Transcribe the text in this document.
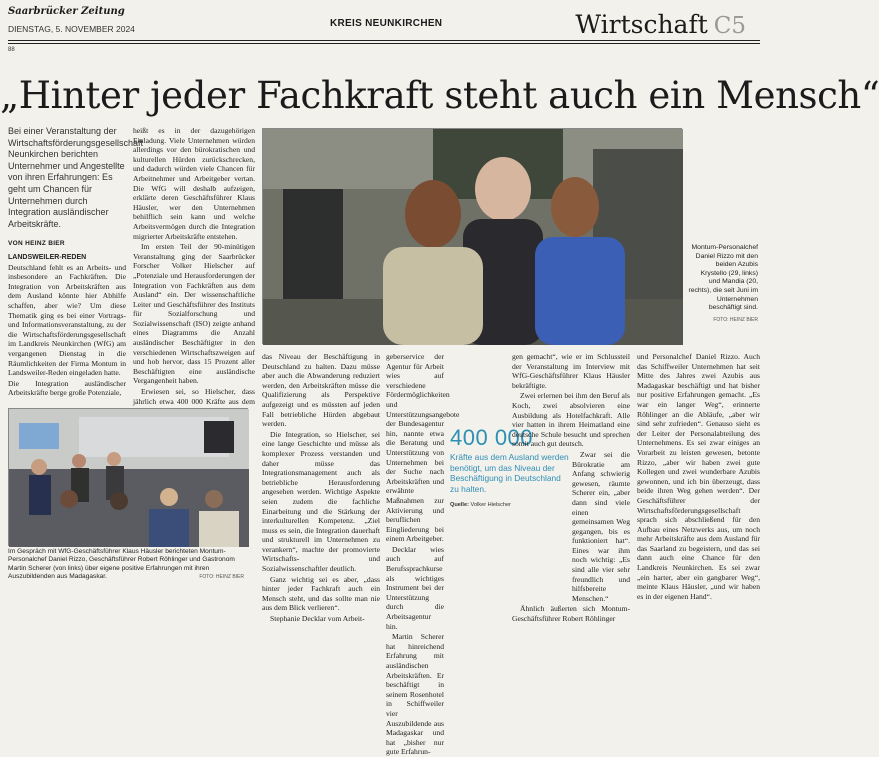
Saarbrücker Zeitung
DIENSTAG, 5. NOVEMBER 2024	KREIS NEUNKIRCHEN	Wirtschaft C5
88
„Hinter jeder Fachkraft steht auch ein Mensch“
Bei einer Veranstaltung der Wirtschaftsförderungsgesellschaft Neunkirchen berichten Unternehmer und Angestellte von ihren Erfahrungen: Es geht um Chancen für Unternehmen durch Integration ausländischer Arbeitskräfte.
VON HEINZ BIER

LANDSWEILER-REDEN Deutschland fehlt es an Arbeits- und insbesondere an Fachkräften. Die Integration von Arbeitskräften aus dem Ausland könnte hier Abhilfe schaffen, aber wie? Um diese Thematik ging es bei einer Vortrags- und Informationsveranstaltung, zu der die Wirtschaftsförderungsgesellschaft im Landkreis Neunkirchen (WfG) am vergangenen Dienstag in die Räumlichkeiten der Firma Montum in Landsweiler-Reden eingeladen hatte.

Die Integration ausländischer Arbeitskräfte berge große Potenziale,

heißt es in der dazugehörigen Einladung. Viele Unternehmen würden allerdings vor den bürokratischen und kulturellen Hürden zurückschrecken, und dadurch würden viele Chancen für Arbeitnehmer und Arbeitgeber vertan. Die WfG will deshalb aufzeigen, erklärte deren Geschäftsführer Klaus Häusler, wer den Unternehmen behilflich sein kann und welche Arbeitsvermögen durch die Integration migrierter Arbeitskräfte entstehen.

Im ersten Teil der 90-minütigen Veranstaltung ging der Saarbrücker Forscher Volker Hielscher auf „Potenziale und Herausforderungen der Integration von Fachkräften aus dem Ausland“ ein. Der wissenschaftliche Leiter und Geschäftsführer des Instituts für Sozialforschung und Sozialwissenschaft (ISO) zeigte anhand eines Diagramms die Anzahl ausländischer Beschäftigter in den verschiedenen Wirtschaftszweigen auf und hob hervor, dass 15 Prozent aller Beschäftigten eine ausländische Vergangenheit haben.

Erwiesen sei, so Hielscher, dass jährlich etwa 400 000 Kräfte aus dem

Montum-Personalchef Daniel Rizzo mit den beiden Azubis Krystello (29, links) und Mandia (20, rechts), die seit Juni im Unternehmen beschäftigt sind.
FOTO: HEINZ BIER
Im Gespräch mit WfG-Geschäftsführer Klaus Häusler berichteten Montum-Personalchef Daniel Rizzo, Geschäftsführer Robert Röhlinger und Gastronom Martin Scherer (von links) über eigene positive Erfahrungen mit ihren Auszubildenden aus Madagaskar.	FOTO: HEINZ BIER

das Niveau der Beschäftigung in Deutschland zu halten. Dazu müsse aber auch die Abwanderung reduziert werden, den Arbeitskräften müsse die Qualifizierung als Perspektive aufgezeigt und es müssten auf jeden Fall betriebliche Hürden abgebaut werden.

Die Integration, so Hielscher, sei eine lange Geschichte und müsse als komplexer Prozess verstanden und daher müsse das Integrationsmanagement auch als betriebliche Herausforderung angesehen werden. Wichtige Aspekte seien zudem die fachliche Einarbeitung und die Stärkung der interkulturellen Kompetenz. „Ziel muss es sein, die Integration dauerhaft und strukturell im Unternehmen zu verankern“, machte der promovierte Wirtschafts- und Sozialwissenschaftler deutlich.

Ganz wichtig sei es aber, „dass hinter jeder Fachkraft auch ein Mensch steht, und das sollte man nie aus dem Blick verlieren“.

Stephanie Decklar vom Arbeit-

geberservice der Agentur für Arbeit wies auf verschiedene Fördermöglichkeiten und Unterstützungsangebote der Bundesagentur hin, nannte etwa die Beratung und Unterstützung von Unternehmen bei der Suche nach Arbeitskräften und erwähnte Maßnahmen zur Aktivierung und beruflichen Eingliederung bei einem Arbeitgeber.

Decklar wies auch auf Berufssprachkurse als wichtiges Instrument bei der Unterstützung durch die Arbeitsagentur hin.

Martin Scherer hat hinreichend Erfahrung mit ausländischen Arbeitskräften. Er beschäftigt in seinem Rosenhotel in Schiffweiler vier Auszubildende aus Madagaskar und hat „bisher nur gute Erfahrun-

400 000
Kräfte aus dem Ausland werden benötigt, um das Niveau der Beschäftigung in Deutschland zu halten.
Quelle: Volker Hielscher

gen gemacht“, wie er im Schlussteil der Veranstaltung im Interview mit WfG-Geschäftsführer Klaus Häusler bekräftigte.

Zwei erlernen bei ihm den Beruf als Koch, zwei absolvieren eine Ausbildung als Hotelfachkraft. Alle vier hatten in ihrem Heimatland eine deutsche Schule besucht und sprechen somit auch gut deutsch.

Zwar sei die Bürokratie am Anfang schwierig gewesen, räumte Scherer ein, „aber dann sind viele einen gemeinsamen Weg gegangen, bis es funktioniert hat“. Eines war ihm noch wichtig: „Es sind alle vier sehr freundlich und hilfsbereite Menschen.“

Ähnlich äußerten sich Montum-Geschäftsführer Robert Röhlinger

und Personalchef Daniel Rizzo. Auch das Schiffweiler Unternehmen hat seit Mitte des Jahres zwei Azubis aus Madagaskar beschäftigt und hat bisher nur positive Erfahrungen gemacht. „Es war ein langer Weg“, erinnerte Röhlinger an die Abläufe, „aber wir sind sehr zufrieden“. Genauso sieht es der Leiter der Personalabteilung des Unternehmens. Es sei zwar einiges an Vorarbeit zu leisten gewesen, betonte Rizzo, „aber wir haben zwei gute Kollegen und zwei wunderbare Azubis gewonnen, und ich bin überzeugt, dass beide ihren Weg gehen werden“. Der Geschäftsführer der Wirtschaftsförderungsgesellschaft sprach sich abschließend für den Aufbau eines Netzwerks aus, um noch mehr Arbeitskräfte aus dem Ausland für das Saarland zu begeistern, und das sei dann auch eine Chance für den Landkreis Neunkirchen. Es sei zwar „ein harter, aber ein gangbarer Weg“, meinte Klaus Häusler, „und wir haben es in der eigenen Hand“.
